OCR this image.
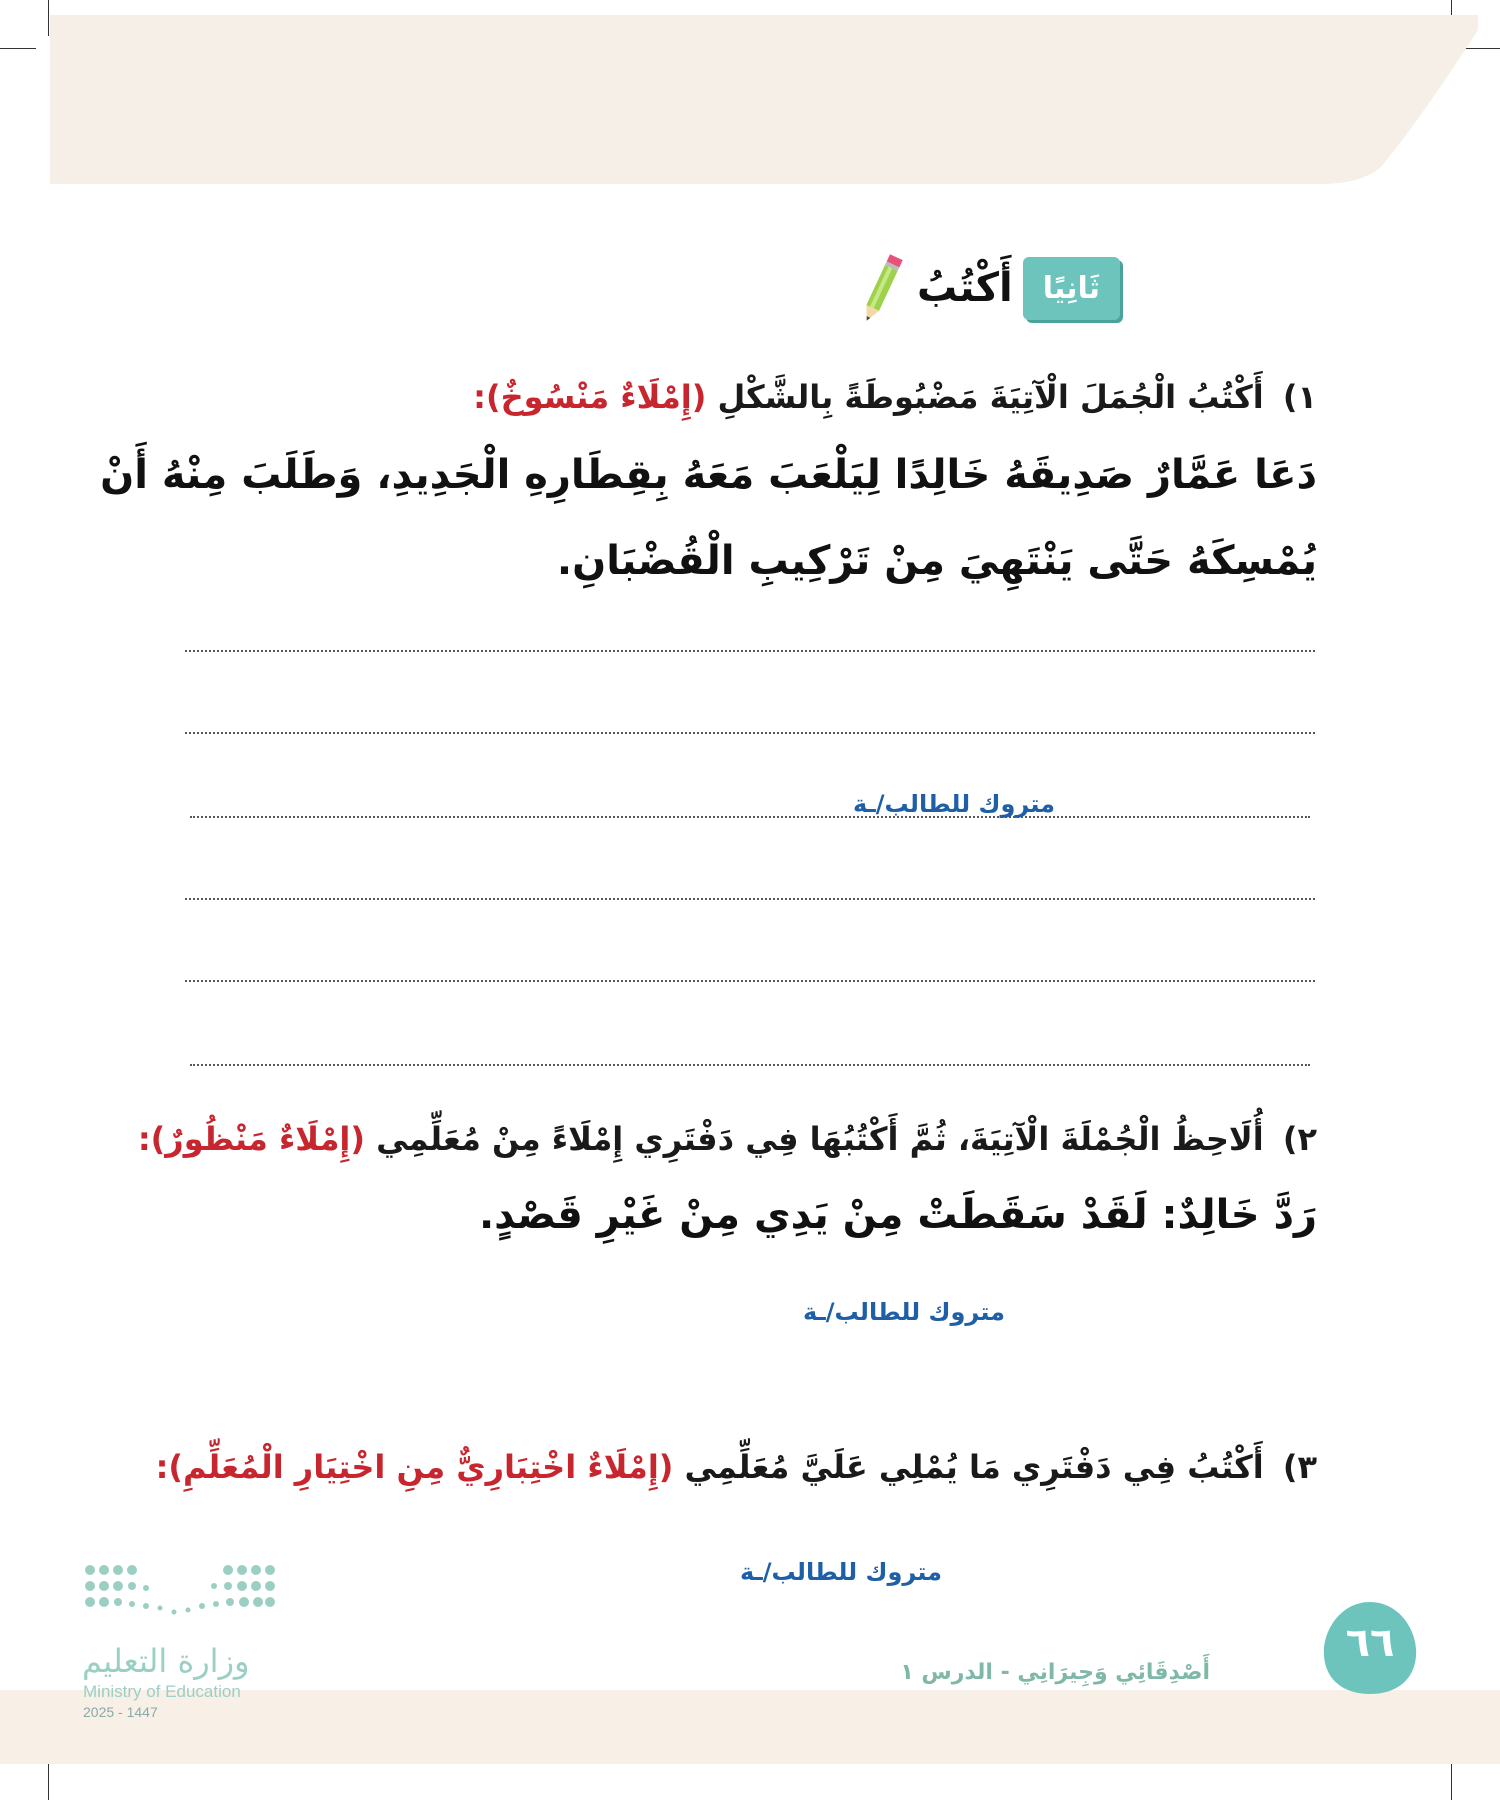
ثَانِيًا
أَكْتُبُ
١) أَكْتُبُ الْجُمَلَ الْآتِيَةَ مَضْبُوطَةً بِالشَّكْلِ (إِمْلَاءٌ مَنْسُوخٌ):
دَعَا عَمَّارٌ صَدِيقَهُ خَالِدًا لِيَلْعَبَ مَعَهُ بِقِطَارِهِ الْجَدِيدِ، وَطَلَبَ مِنْهُ أَنْ
يُمْسِكَهُ حَتَّى يَنْتَهِيَ مِنْ تَرْكِيبِ الْقُضْبَانِ.
متروك للطالب/ـة
٢) أُلَاحِظُ الْجُمْلَةَ الْآتِيَةَ، ثُمَّ أَكْتُبُهَا فِي دَفْتَرِي إِمْلَاءً مِنْ مُعَلِّمِي (إِمْلَاءٌ مَنْظُورٌ):
رَدَّ خَالِدٌ: لَقَدْ سَقَطَتْ مِنْ يَدِي مِنْ غَيْرِ قَصْدٍ.
متروك للطالب/ـة
٣) أَكْتُبُ فِي دَفْتَرِي مَا يُمْلِي عَلَيَّ مُعَلِّمِي (إِمْلَاءٌ اخْتِبَارِيٌّ مِنِ اخْتِيَارِ الْمُعَلِّمِ):
متروك للطالب/ـة
وزارة التعليم
Ministry of Education
2025 - 1447
٦٦
أَصْدِقَائِي وَجِيرَانِي - الدرس ١
